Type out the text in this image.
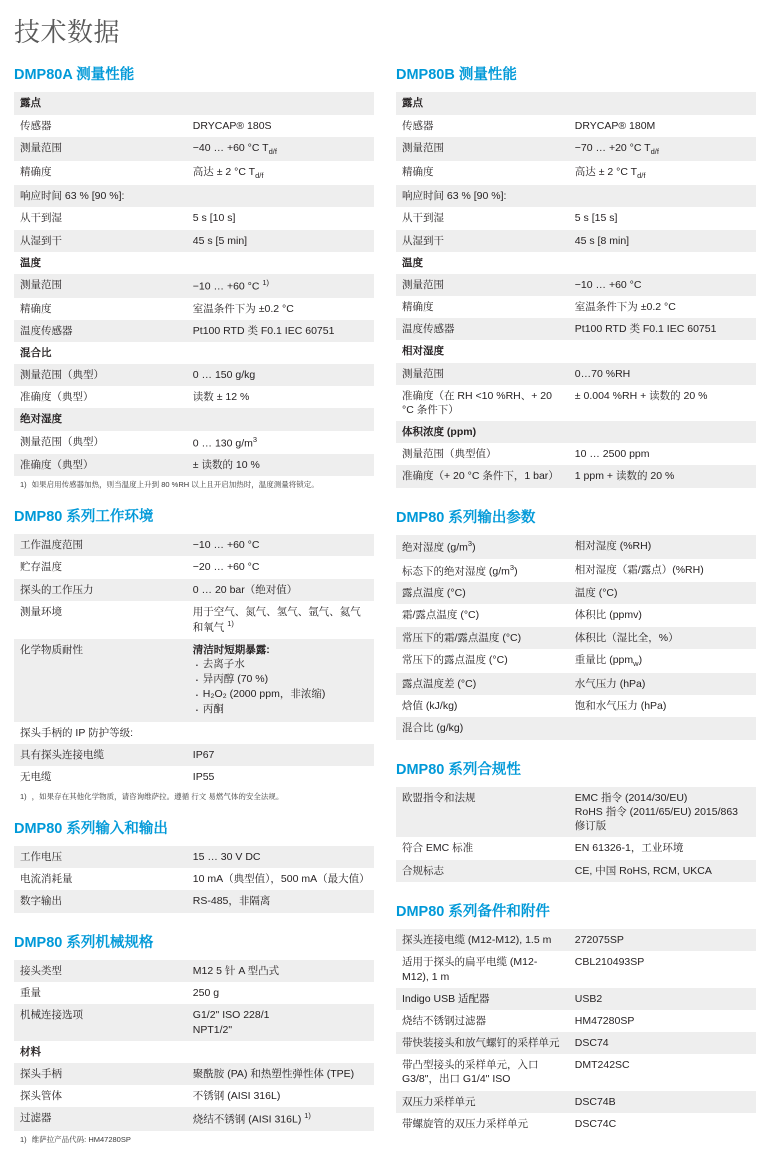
技术数据
DMP80A 测量性能
露点	
传感器	DRYCAP® 180S
测量范围	−40 … +60 °C $T_{d/f}$
精确度	高达 ± 2 °C $T_{d/f}$
响应时间 63 % [90 %]:	
从干到湿	5 s [10 s]
从湿到干	45 s [5 min]
温度	
测量范围	−10 … +60 °C $^{1)}$
精确度	室温条件下为 ±0.2 °C
温度传感器	Pt100 RTD 类 F0.1 IEC 60751
混合比	
测量范围（典型）	0 … 150 g/kg
准确度（典型）	读数 ± 12 %
绝对湿度	
测量范围（典型）	0 … 130 $g/m^3$
准确度（典型）	± 读数的 10 %
1) 如果启用传感器加热，则当温度上升到 80 %RH 以上且开启加热时，温度测量将锁定。
DMP80 系列工作环境
工作温度范围	−10 … +60 °C
贮存温度	−20 … +60 °C
探头的工作压力	0 … 20 bar（绝对值）
测量环境	用于空气、氮气、氢气、氩气、氦气和氧气 $^{1)}$
化学物质耐性	清洁时短期暴露:
· 去离子水
· 异丙醇 (70 %)
· H₂O₂ (2000 ppm，非浓缩)
· 丙酮

探头手柄的 IP 防护等级:	
具有探头连接电缆	IP67
无电缆	IP55
1) ，如果存在其他化学物质，请咨询维萨拉。遵循 行文 易燃气体的安全法规。
DMP80 系列输入和输出
工作电压	15 … 30 V DC
电流消耗量	10 mA（典型值），500 mA（最大值）
数字输出	RS-485，非隔离
DMP80 系列机械规格
接头类型	M12 5 针 A 型凸式
重量	250 g
机械连接选项	G1/2" ISO 228/1
NPT1/2"
材料	
探头手柄	聚酰胺 (PA) 和热塑性弹性体 (TPE)
探头管体	不锈钢 (AISI 316L)
过滤器	烧结不锈钢 (AISI 316L) $^{1)}$
1) 维萨拉产品代码: HM47280SP
DMP80B 测量性能
露点	
传感器	DRYCAP® 180M
测量范围	−70 … +20 °C $T_{d/f}$
精确度	高达 ± 2 °C $T_{d/f}$
响应时间 63 % [90 %]:	
从干到湿	5 s [15 s]
从湿到干	45 s [8 min]
温度	
测量范围	−10 … +60 °C
精确度	室温条件下为 ±0.2 °C
温度传感器	Pt100 RTD 类 F0.1 IEC 60751
相对湿度	
测量范围	0…70 %RH
准确度（在 RH <10 %RH、+ 20 °C 条件下）	± 0.004 %RH + 读数的 20 %
体积浓度 (ppm)	
测量范围（典型值）	10 … 2500 ppm
准确度（+ 20 °C 条件下，1 bar）	1 ppm + 读数的 20 %
DMP80 系列输出参数
绝对湿度 $(g/m^3)$	相对湿度 (%RH)
标态下的绝对湿度 $(g/m^3)$	相对湿度（霜/露点）(%RH)
露点温度 (°C)	温度 (°C)
霜/露点温度 (°C)	体积比 (ppmv)
常压下的霜/露点温度 (°C)	体积比（湿比全，%）
常压下的露点温度 (°C)	重量比 (ppm$_w$)
露点温度差 (°C)	水气压力 (hPa)
焓值 (kJ/kg)	饱和水气压力 (hPa)
混合比 (g/kg)	
DMP80 系列合规性
欧盟指令和法规	EMC 指令 (2014/30/EU)
RoHS 指令 (2011/65/EU) 2015/863 修订版
符合 EMC 标准	EN 61326-1，工业环境
合规标志	CE, 中国 RoHS, RCM, UKCA
DMP80 系列备件和附件
探头连接电缆 (M12-M12), 1.5 m	272075SP
适用于探头的扁平电缆 (M12-M12), 1 m	CBL210493SP
Indigo USB 适配器	USB2
烧结不锈钢过滤器	HM47280SP
带快装接头和放气螺钉的采样单元	DSC74
带凸型接头的采样单元，入口 G3/8"，出口 G1/4" ISO	DMT242SC
双压力采样单元	DSC74B
带螺旋管的双压力采样单元	DSC74C
